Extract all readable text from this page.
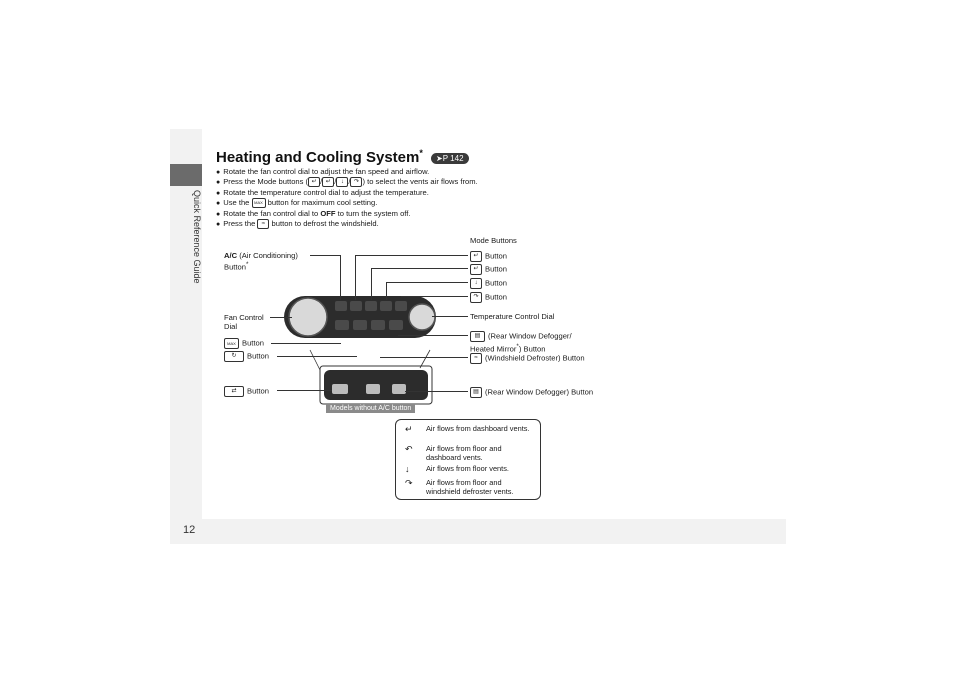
Quick Reference Guide
12
Heating and Cooling System* ➤P 142
● Rotate the fan control dial to adjust the fan speed and airflow.
● Press the Mode buttons ( ↵ / ↵ / ↓ / ↷ ) to select the vents air flows from.
● Rotate the temperature control dial to adjust the temperature.
● Use the MAX button for maximum cool setting.
● Rotate the fan control dial to OFF to turn the system off.
● Press the ≈ button to defrost the windshield.
Models without A/C button
A/C (Air Conditioning)
Button*
Fan Control
Dial
MAX Button
↻ Button
⇄ Button
Mode Buttons
↵ Button
↵ Button
↓ Button
↷ Button
Temperature Control Dial
▤ (Rear Window Defogger/
Heated Mirror*) Button
≈ (Windshield Defroster) Button
▤ (Rear Window Defogger) Button
↵ Air flows from dashboard vents.
↶ Air flows from floor and dashboard vents.
↓ Air flows from floor vents.
↷ Air flows from floor and windshield defroster vents.
